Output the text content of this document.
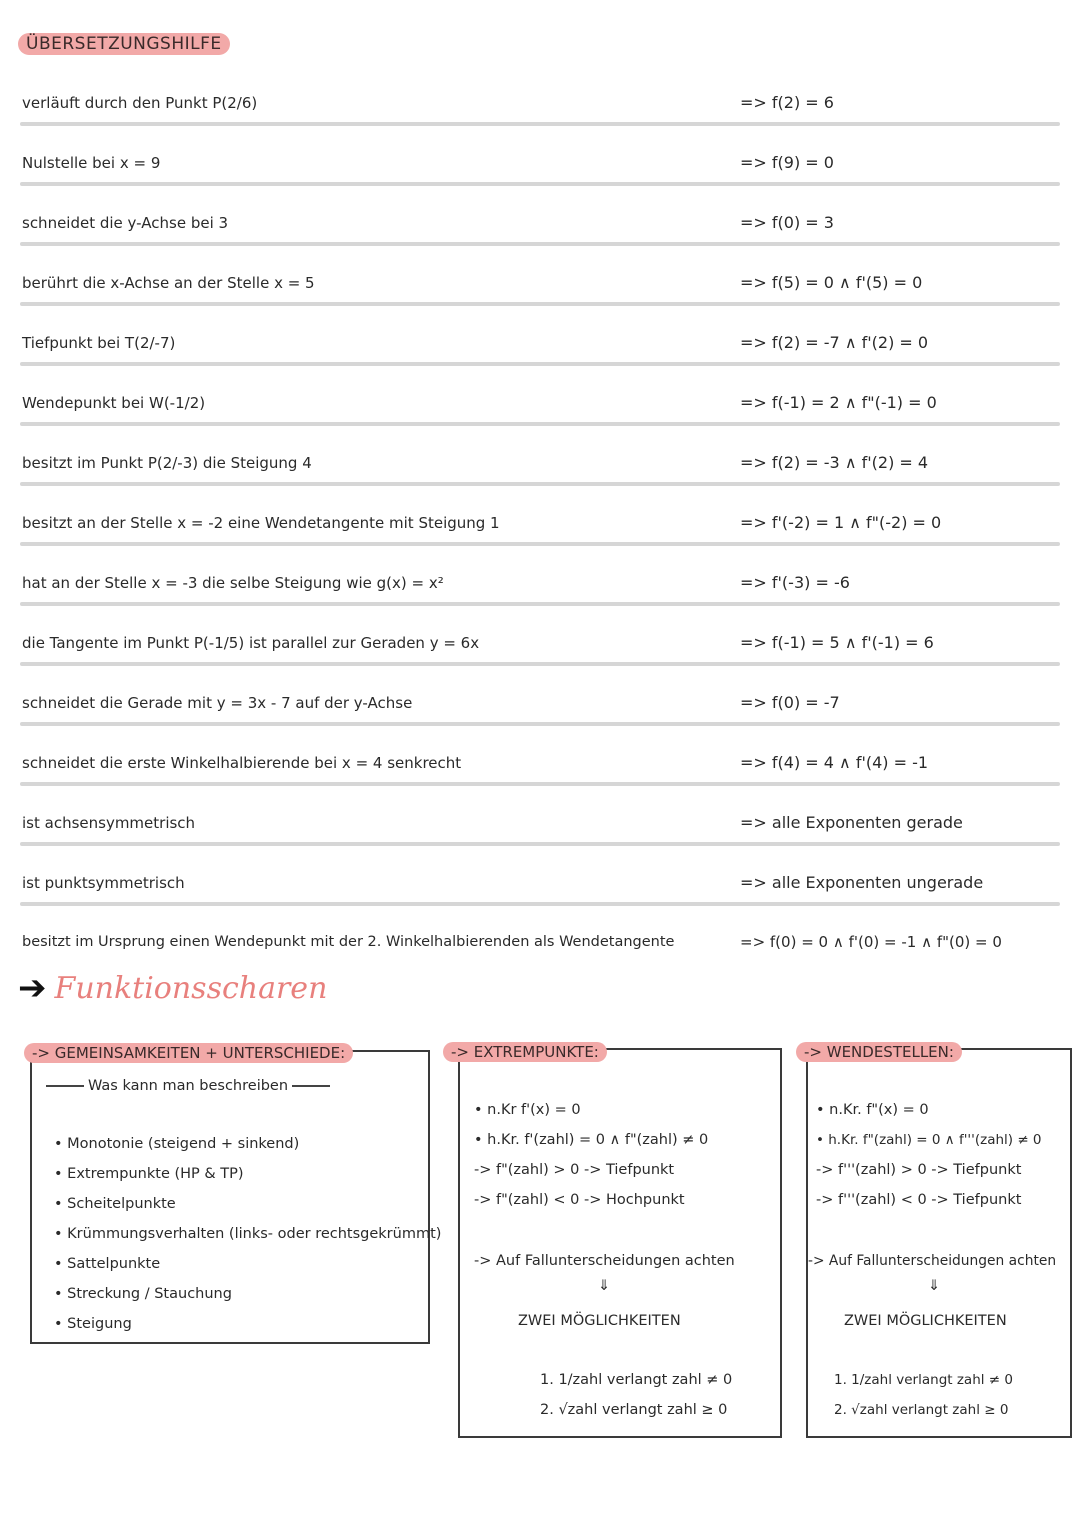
ÜBERSETZUNGSHILFE
verläuft durch den Punkt P(2/6)	=> f(2) = 6
Nulstelle bei x = 9	=> f(9) = 0
schneidet die y-Achse bei 3	=> f(0) = 3
berührt die x-Achse an der Stelle x = 5	=> f(5) = 0 ∧ f'(5) = 0
Tiefpunkt bei T(2/-7)	=> f(2) = -7 ∧ f'(2) = 0
Wendepunkt bei W(-1/2)	=> f(-1) = 2 ∧ f"(-1) = 0
besitzt im Punkt P(2/-3) die Steigung 4	=> f(2) = -3 ∧ f'(2) = 4
besitzt an der Stelle x = -2 eine Wendetangente mit Steigung 1	=> f'(-2) = 1 ∧ f"(-2) = 0
hat an der Stelle x = -3 die selbe Steigung wie g(x) = x²	=> f'(-3) = -6
die Tangente im Punkt P(-1/5) ist parallel zur Geraden y = 6x	=> f(-1) = 5 ∧ f'(-1) = 6
schneidet die Gerade mit y = 3x - 7 auf der y-Achse	=> f(0) = -7
schneidet die erste Winkelhalbierende bei x = 4 senkrecht	=> f(4) = 4 ∧ f'(4) = -1
ist achsensymmetrisch	=> alle Exponenten gerade
ist punktsymmetrisch	=> alle Exponenten ungerade
besitzt im Ursprung einen Wendepunkt mit der 2. Winkelhalbierenden als Wendetangente	=> f(0) = 0 ∧ f'(0) = -1 ∧ f"(0) = 0
➔ Funktionsscharen
Was kann man beschreiben
• Monotonie (steigend + sinkend)
• Extrempunkte (HP & TP)
• Scheitelpunkte
• Krümmungsverhalten (links- oder rechtsgekrümmt)
• Sattelpunkte
• Streckung / Stauchung
• Steigung
-> GEMEINSAMKEITEN + UNTERSCHIEDE:
• n.Kr f'(x) = 0
• h.Kr. f'(zahl) = 0 ∧ f"(zahl) ≠ 0
-> f"(zahl) > 0 -> Tiefpunkt
-> f"(zahl) < 0 -> Hochpunkt
-> Auf Fallunterscheidungen achten
⇓
ZWEI MÖGLICHKEITEN
1. 1/zahl verlangt zahl ≠ 0
2. √zahl verlangt zahl ≥ 0
-> EXTREMPUNKTE:
• n.Kr. f"(x) = 0
• h.Kr. f"(zahl) = 0 ∧ f'''(zahl) ≠ 0
-> f'''(zahl) > 0 -> Tiefpunkt
-> f'''(zahl) < 0 -> Tiefpunkt
-> Auf Fallunterscheidungen achten
⇓
ZWEI MÖGLICHKEITEN
1. 1/zahl verlangt zahl ≠ 0
2. √zahl verlangt zahl ≥ 0
-> WENDESTELLEN:
